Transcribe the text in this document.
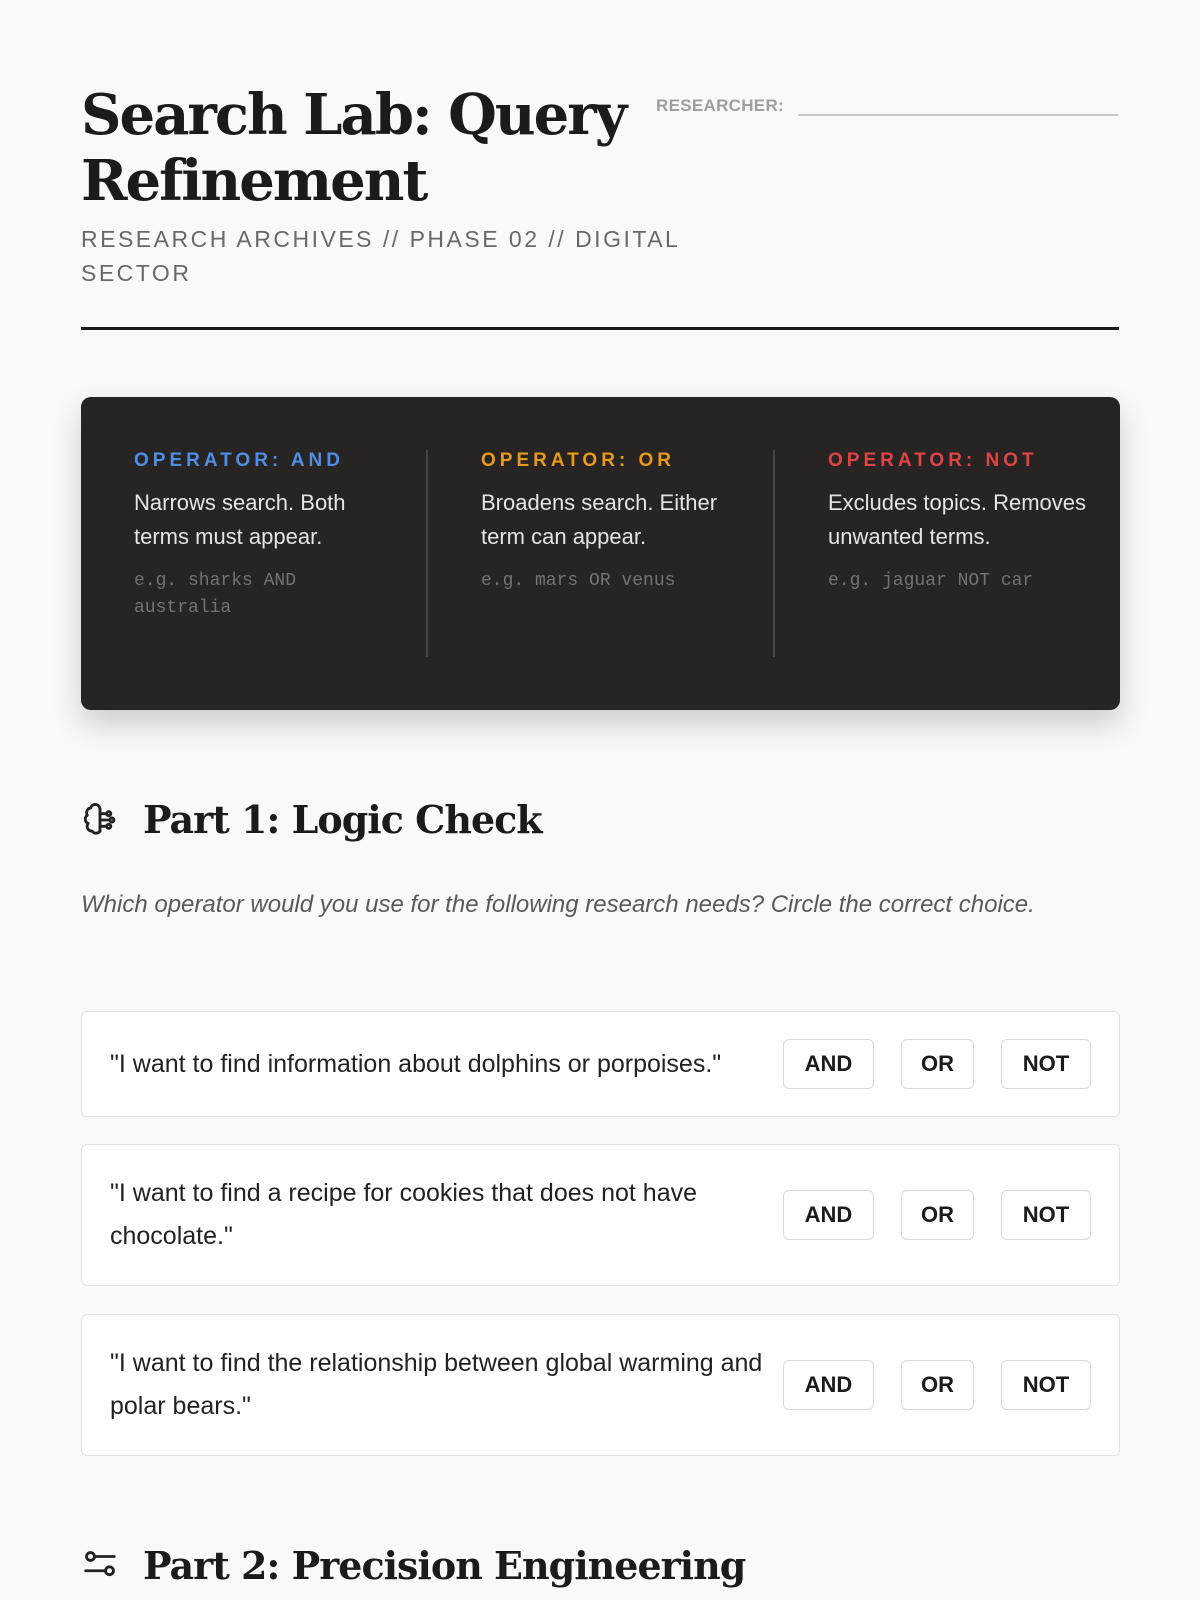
Search Lab: Query Refinement
RESEARCH ARCHIVES // PHASE 02 // DIGITAL SECTOR
RESEARCHER:
OPERATOR: AND
Narrows search. Both terms must appear.
e.g. sharks AND australia
OPERATOR: OR
Broadens search. Either term can appear.
e.g. mars OR venus
OPERATOR: NOT
Excludes topics. Removes unwanted terms.
e.g. jaguar NOT car
Part 1: Logic Check

Which operator would you use for the following research needs? Circle the correct choice.

"I want to find information about dolphins or porpoises."	AND	OR	NOT
"I want to find a recipe for cookies that does not have chocolate."
AND	OR	NOT
"I want to find the relationship between global warming and polar bears."
AND	OR	NOT
Part 2: Precision Engineering
